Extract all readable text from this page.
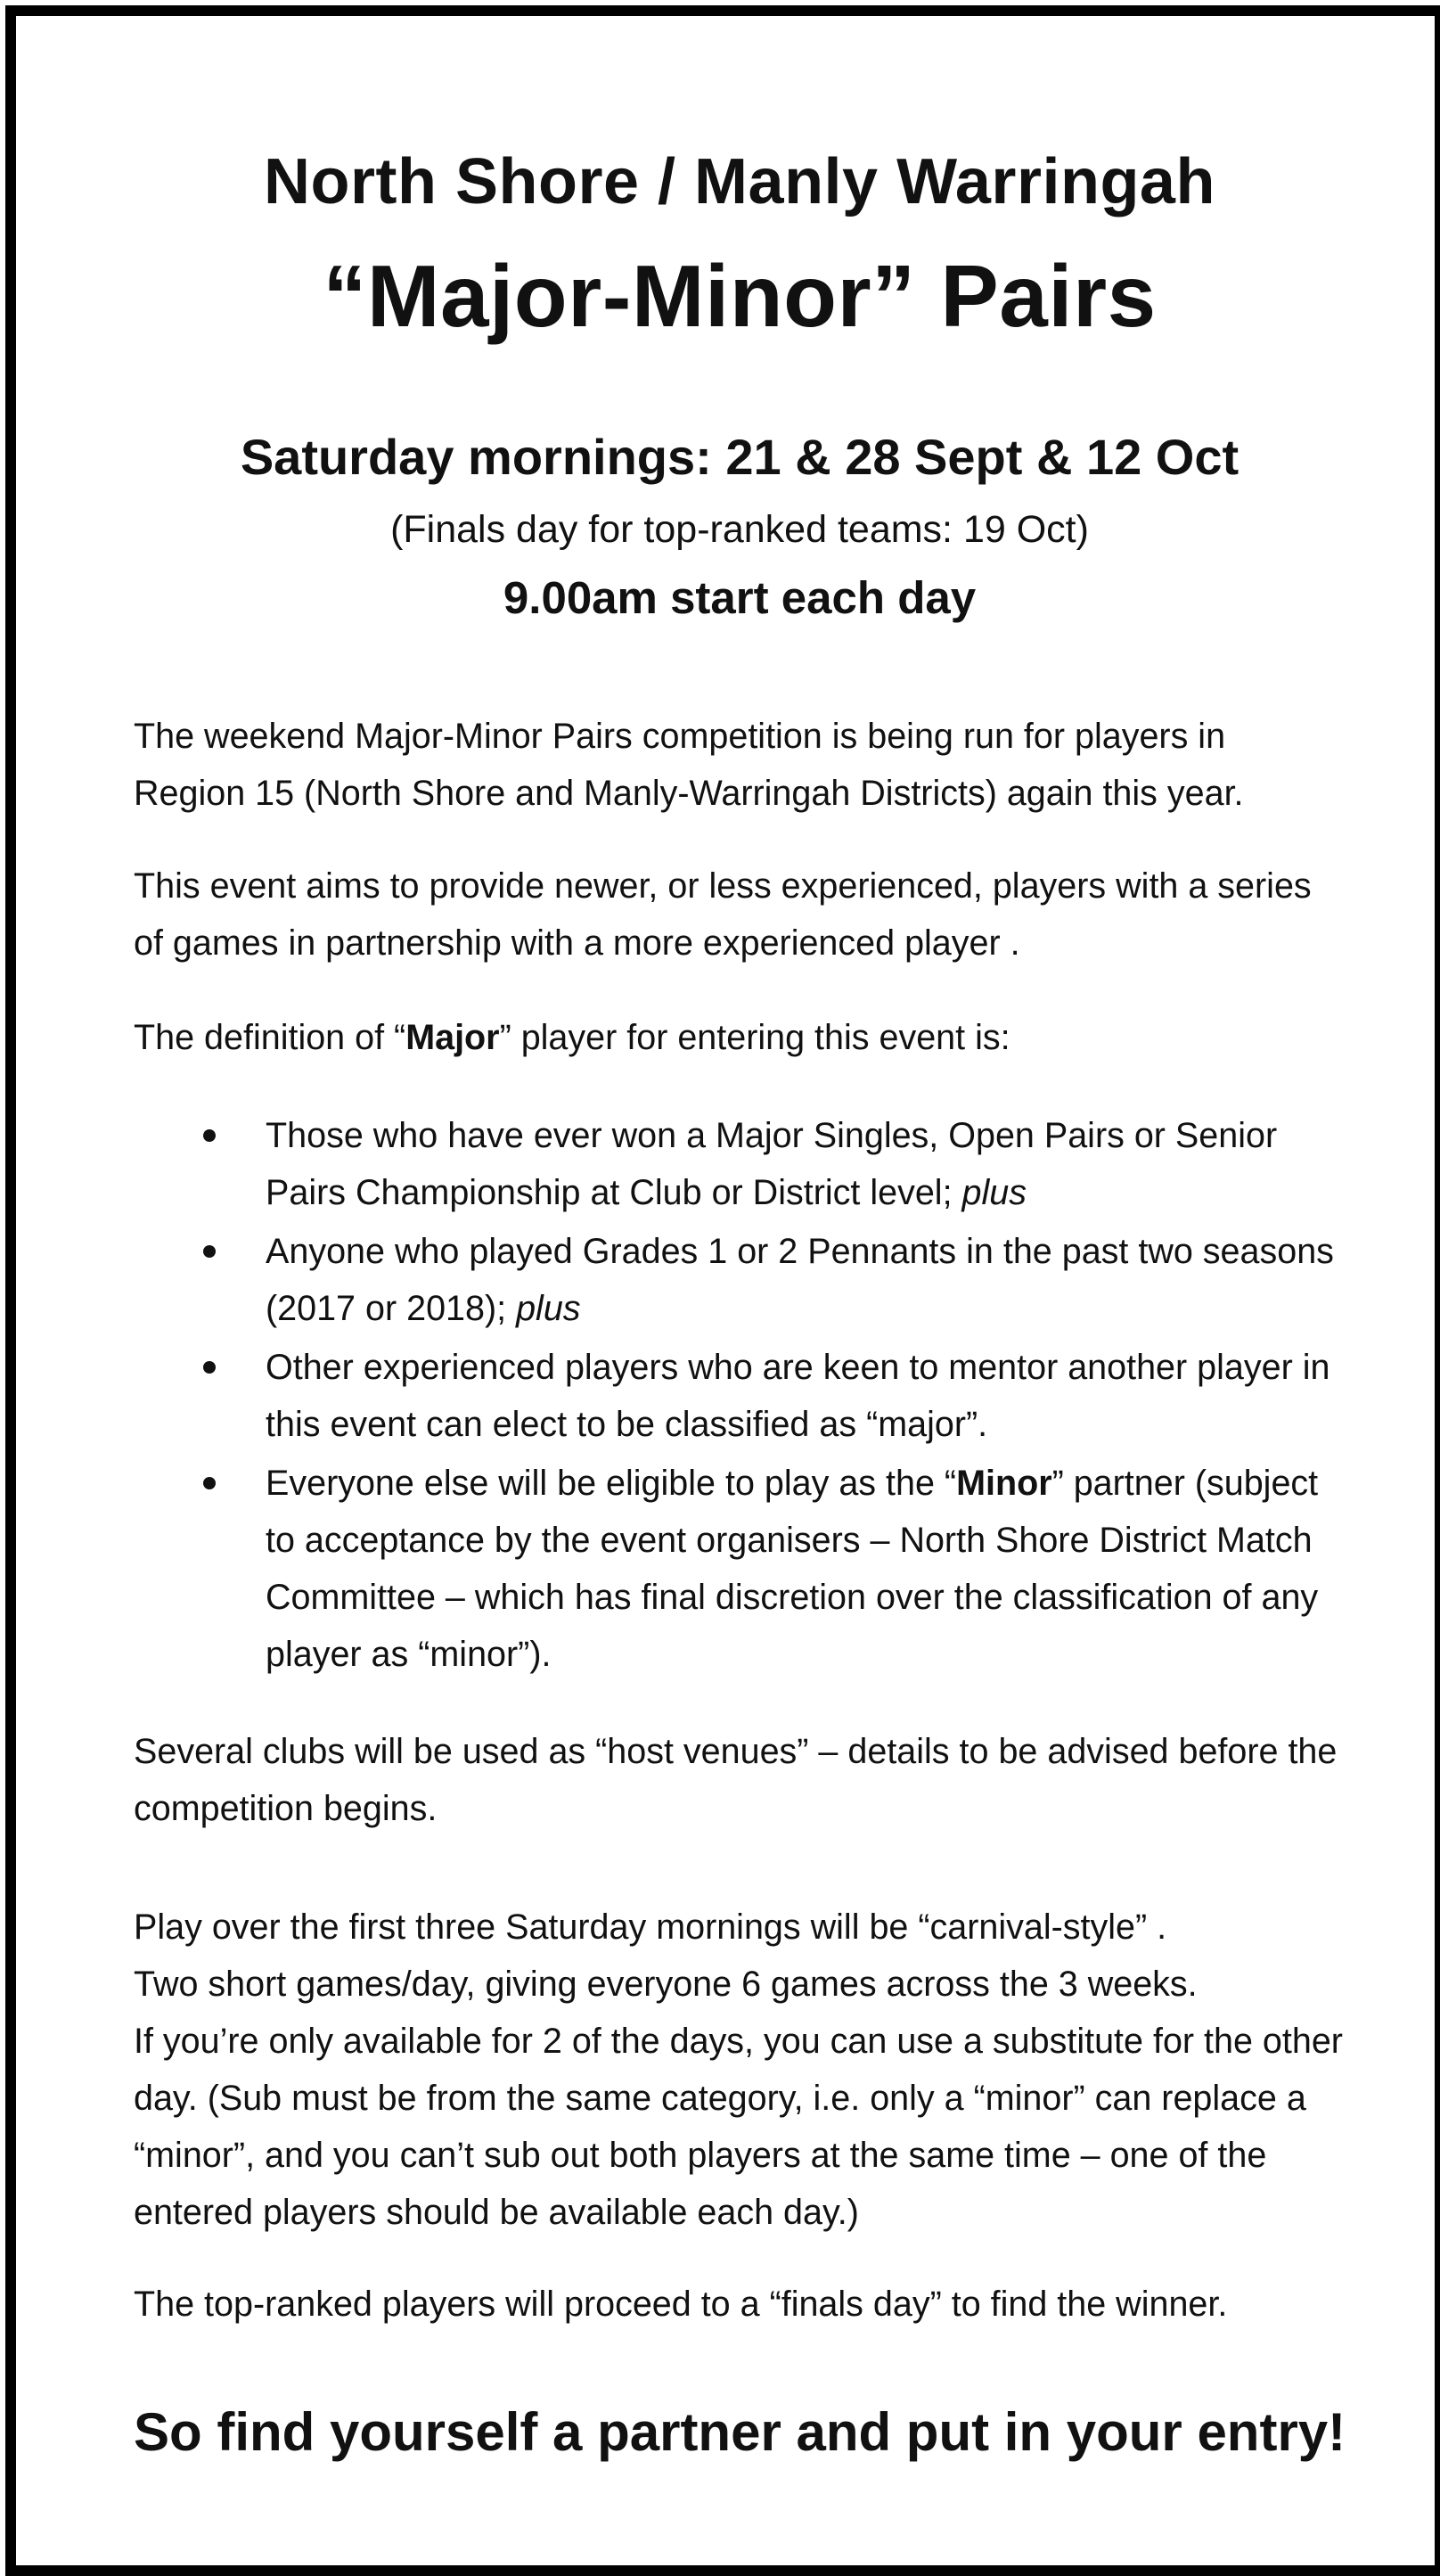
North Shore / Manly Warringah
“Major-Minor” Pairs
Saturday mornings: 21 & 28 Sept & 12 Oct
(Finals day for top-ranked teams: 19 Oct)
9.00am start each day

The weekend Major-Minor Pairs competition is being run for players in Region 15 (North Shore and Manly-Warringah Districts) again this year.

This event aims to provide newer, or less experienced, players with a series of games in partnership with a more experienced player .

The definition of “Major” player for entering this event is:

Those who have ever won a Major Singles, Open Pairs or Senior Pairs Championship at Club or District level; plus
Anyone who played Grades 1 or 2 Pennants in the past two seasons (2017 or 2018); plus
Other experienced players who are keen to mentor another player in this event can elect to be classified as “major”.
Everyone else will be eligible to play as the “Minor” partner (subject to acceptance by the event organisers – North Shore District Match Committee – which has final discretion over the classification of any player as “minor”).

Several clubs will be used as “host venues” – details to be advised before the competition begins.

Play over the first three Saturday mornings will be “carnival-style” .
Two short games/day, giving everyone 6 games across the 3 weeks.
If you’re only available for 2 of the days, you can use a substitute for the other day. (Sub must be from the same category, i.e. only a “minor” can replace a “minor”, and you can’t sub out both players at the same time – one of the entered players should be available each day.)

The top-ranked players will proceed to a “finals day” to find the winner.

So find yourself a partner and put in your entry!
